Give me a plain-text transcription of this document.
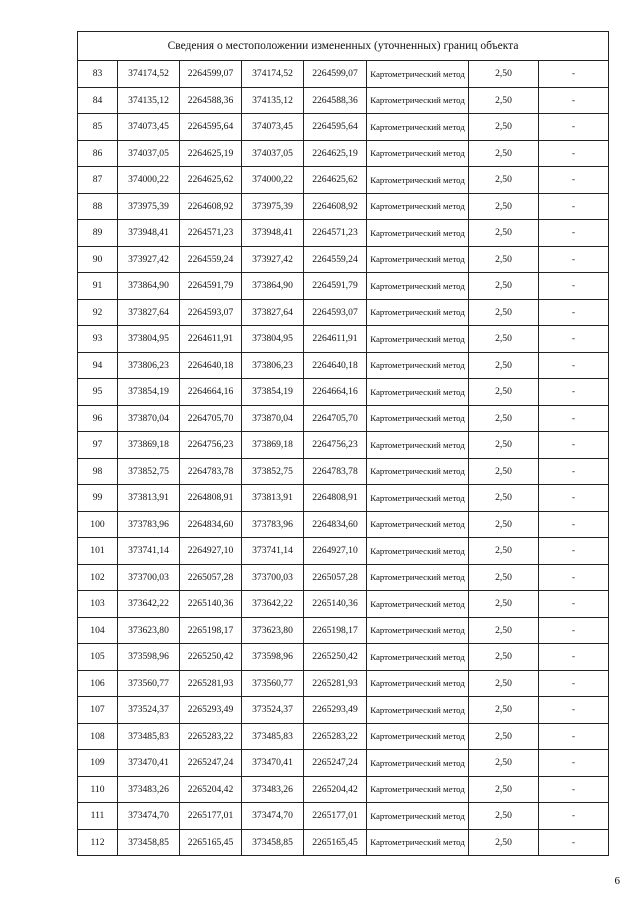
Сведения о местоположении измененных (уточненных) границ объекта							
83	374174,52	2264599,07	374174,52	2264599,07	Картометрический метод	2,50	-
84	374135,12	2264588,36	374135,12	2264588,36	Картометрический метод	2,50	-
85	374073,45	2264595,64	374073,45	2264595,64	Картометрический метод	2,50	-
86	374037,05	2264625,19	374037,05	2264625,19	Картометрический метод	2,50	-
87	374000,22	2264625,62	374000,22	2264625,62	Картометрический метод	2,50	-
88	373975,39	2264608,92	373975,39	2264608,92	Картометрический метод	2,50	-
89	373948,41	2264571,23	373948,41	2264571,23	Картометрический метод	2,50	-
90	373927,42	2264559,24	373927,42	2264559,24	Картометрический метод	2,50	-
91	373864,90	2264591,79	373864,90	2264591,79	Картометрический метод	2,50	-
92	373827,64	2264593,07	373827,64	2264593,07	Картометрический метод	2,50	-
93	373804,95	2264611,91	373804,95	2264611,91	Картометрический метод	2,50	-
94	373806,23	2264640,18	373806,23	2264640,18	Картометрический метод	2,50	-
95	373854,19	2264664,16	373854,19	2264664,16	Картометрический метод	2,50	-
96	373870,04	2264705,70	373870,04	2264705,70	Картометрический метод	2,50	-
97	373869,18	2264756,23	373869,18	2264756,23	Картометрический метод	2,50	-
98	373852,75	2264783,78	373852,75	2264783,78	Картометрический метод	2,50	-
99	373813,91	2264808,91	373813,91	2264808,91	Картометрический метод	2,50	-
100	373783,96	2264834,60	373783,96	2264834,60	Картометрический метод	2,50	-
101	373741,14	2264927,10	373741,14	2264927,10	Картометрический метод	2,50	-
102	373700,03	2265057,28	373700,03	2265057,28	Картометрический метод	2,50	-
103	373642,22	2265140,36	373642,22	2265140,36	Картометрический метод	2,50	-
104	373623,80	2265198,17	373623,80	2265198,17	Картометрический метод	2,50	-
105	373598,96	2265250,42	373598,96	2265250,42	Картометрический метод	2,50	-
106	373560,77	2265281,93	373560,77	2265281,93	Картометрический метод	2,50	-
107	373524,37	2265293,49	373524,37	2265293,49	Картометрический метод	2,50	-
108	373485,83	2265283,22	373485,83	2265283,22	Картометрический метод	2,50	-
109	373470,41	2265247,24	373470,41	2265247,24	Картометрический метод	2,50	-
110	373483,26	2265204,42	373483,26	2265204,42	Картометрический метод	2,50	-
111	373474,70	2265177,01	373474,70	2265177,01	Картометрический метод	2,50	-
112	373458,85	2265165,45	373458,85	2265165,45	Картометрический метод	2,50	-
6
